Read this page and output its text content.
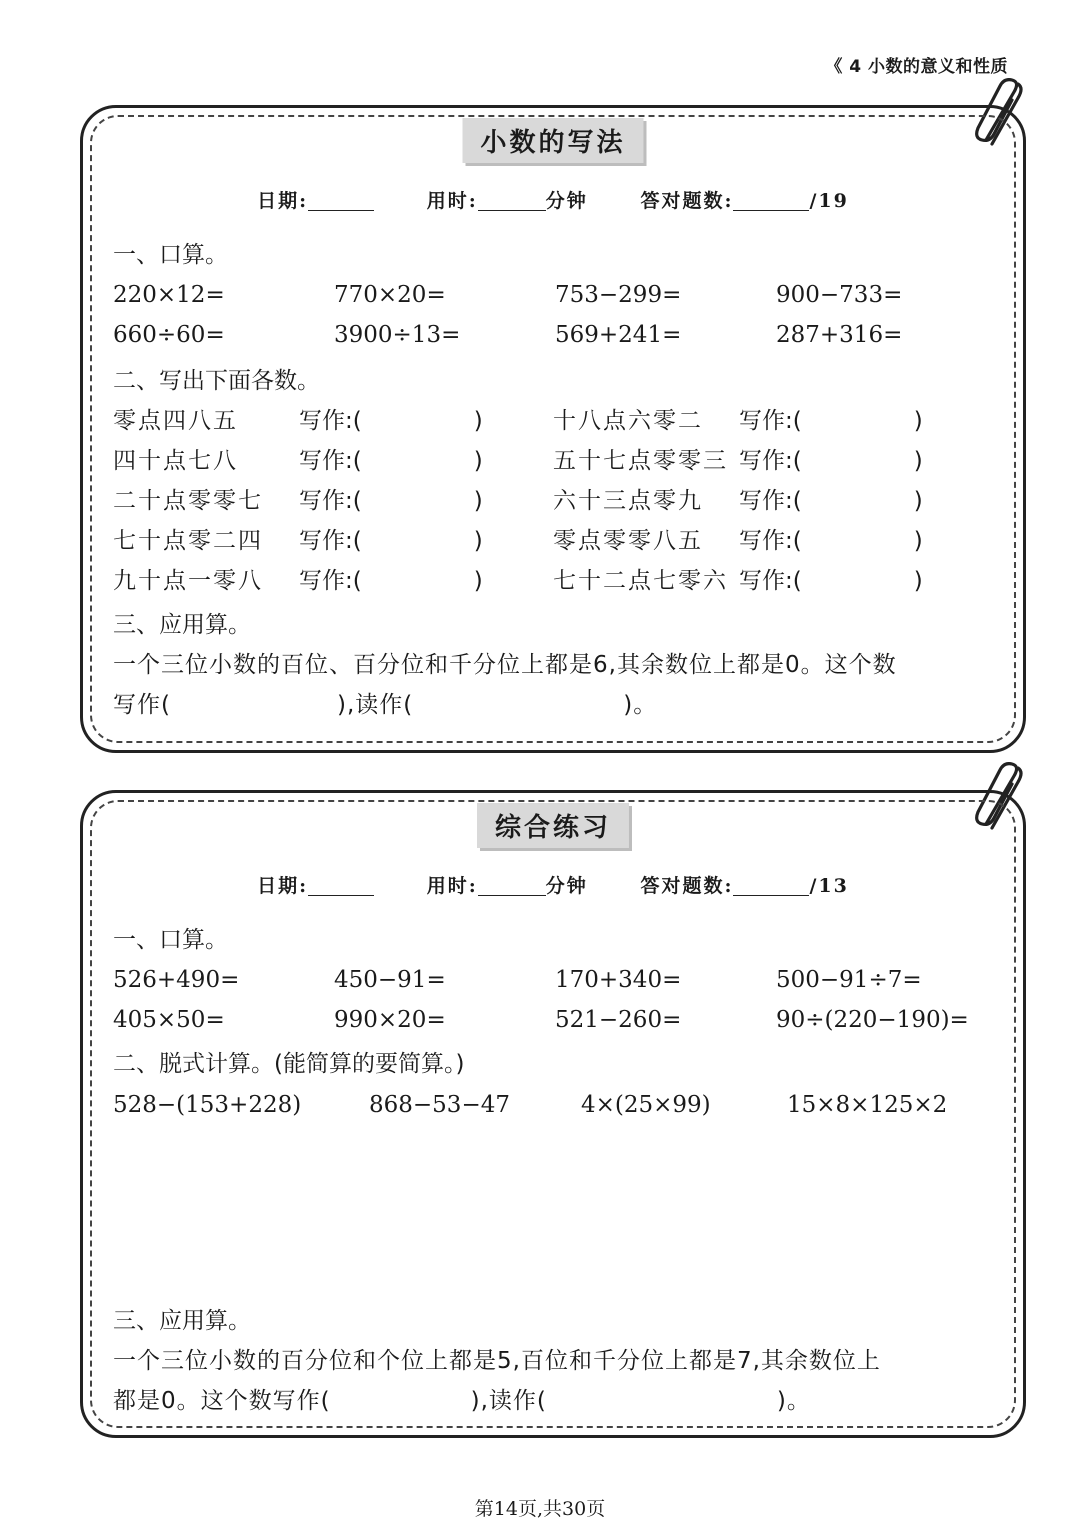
《 4 小数的意义和性质
小数的写法
日期:	用时:	分钟	答对题数:	/19
一、口算。
220×12=	770×20=	753−299=	900−733=
660÷60=	3900÷13=	569+241=	287+316=
二、写出下面各数。
零点四八五	写作:(	)	十八点六零二	写作:(	)
四十点七八	写作:(	)	五十七点零零三 写作:(	)
二十点零零七	写作:(	)	六十三点零九	写作:(	)
七十点零二四	写作:(	)	零点零零八五	写作:(	)
九十点一零八	写作:(	)	七十二点七零六 写作:(	)
三、应用算。
一个三位小数的百位、百分位和千分位上都是6,其余数位上都是0。这个数
写作(	),读作(	)。
综合练习
日期:	用时:	分钟	答对题数:	/13
一、口算。
526+490=	450−91=	170+340=	500−91÷7=
405×50=	990×20=	521−260=	90÷(220−190)=
二、脱式计算。(能简算的要简算。)
528−(153+228)	868−53−47	4×(25×99)	15×8×125×2
三、应用算。
一个三位小数的百分位和个位上都是5,百位和千分位上都是7,其余数位上
都是0。这个数写作(	),读作(	)。
第14页,共30页
